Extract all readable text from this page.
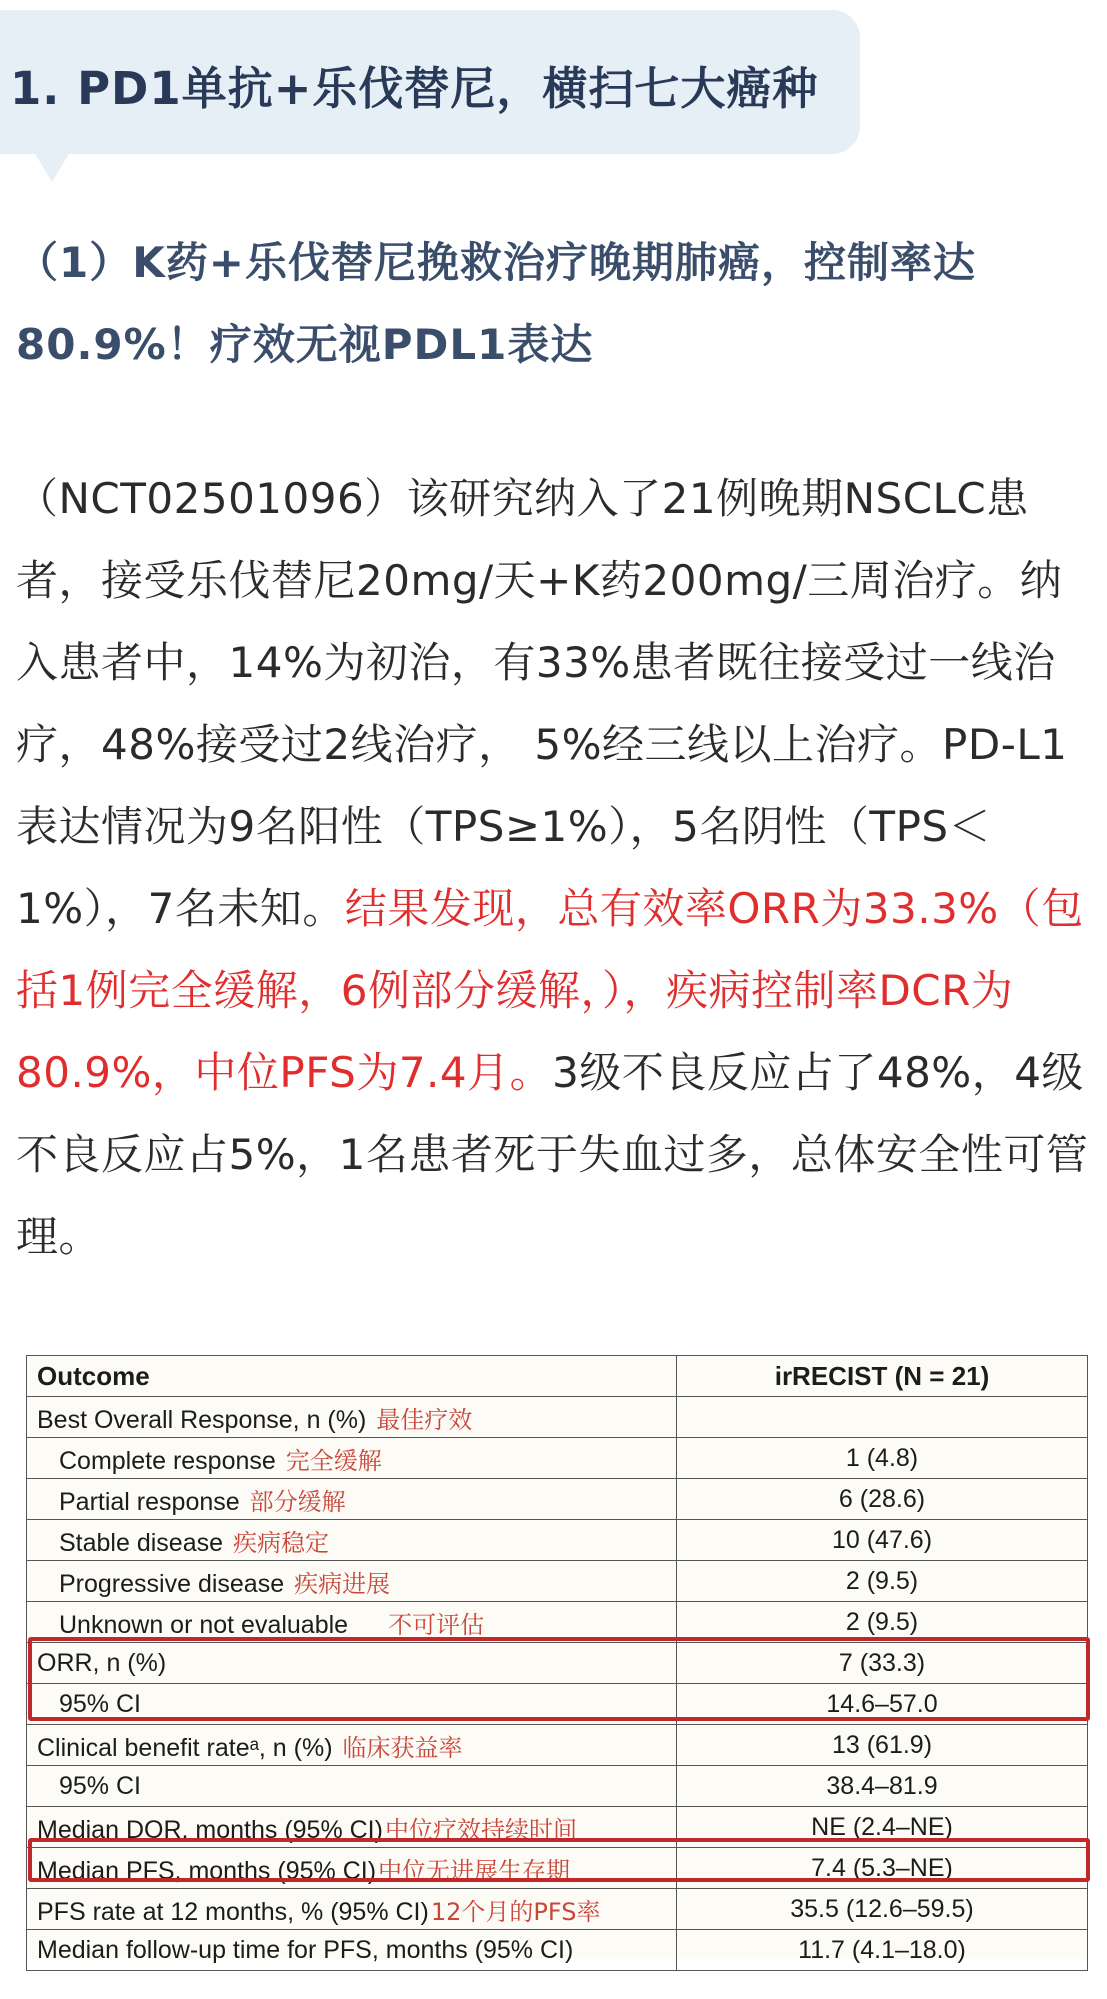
1. PD1单抗+乐伐替尼，横扫七大癌种

（1）K药+乐伐替尼挽救治疗晚期肺癌，控制率达80.9%！疗效无视PDL1表达

（NCT02501096）该研究纳入了21例晚期NSCLC患者，接受乐伐替尼20mg/天+K药200mg/三周治疗。纳入患者中，14%为初治，有33%患者既往接受过一线治疗，48%接受过2线治疗， 5%经三线以上治疗。PD-L1表达情况为9名阳性（TPS≥1%），5名阴性（TPS＜1%），7名未知。结果发现，总有效率ORR为33.3%（包括1例完全缓解，6例部分缓解，），疾病控制率DCR为80.9%，中位PFS为7.4月。3级不良反应占了48%，4级不良反应占5%，1名患者死于失血过多，总体安全性可管理。

Outcome	irRECIST (N = 21)
Best Overall Response, n (%) 最佳疗效	
Complete response 完全缓解	1 (4.8)
Partial response 部分缓解	6 (28.6)
Stable disease 疾病稳定	10 (47.6)
Progressive disease 疾病进展	2 (9.5)
Unknown or not evaluable 不可评估	2 (9.5)
ORR, n (%)	7 (33.3)
95% CI	14.6–57.0
Clinical benefit rateᵃ, n (%) 临床获益率	13 (61.9)
95% CI	38.4–81.9
Median DOR, months (95% CI)中位疗效持续时间	NE (2.4–NE)
Median PFS, months (95% CI)中位无进展生存期	7.4 (5.3–NE)
PFS rate at 12 months, % (95% CI)12个月的PFS率	35.5 (12.6–59.5)
Median follow-up time for PFS, months (95% CI)	11.7 (4.1–18.0)
